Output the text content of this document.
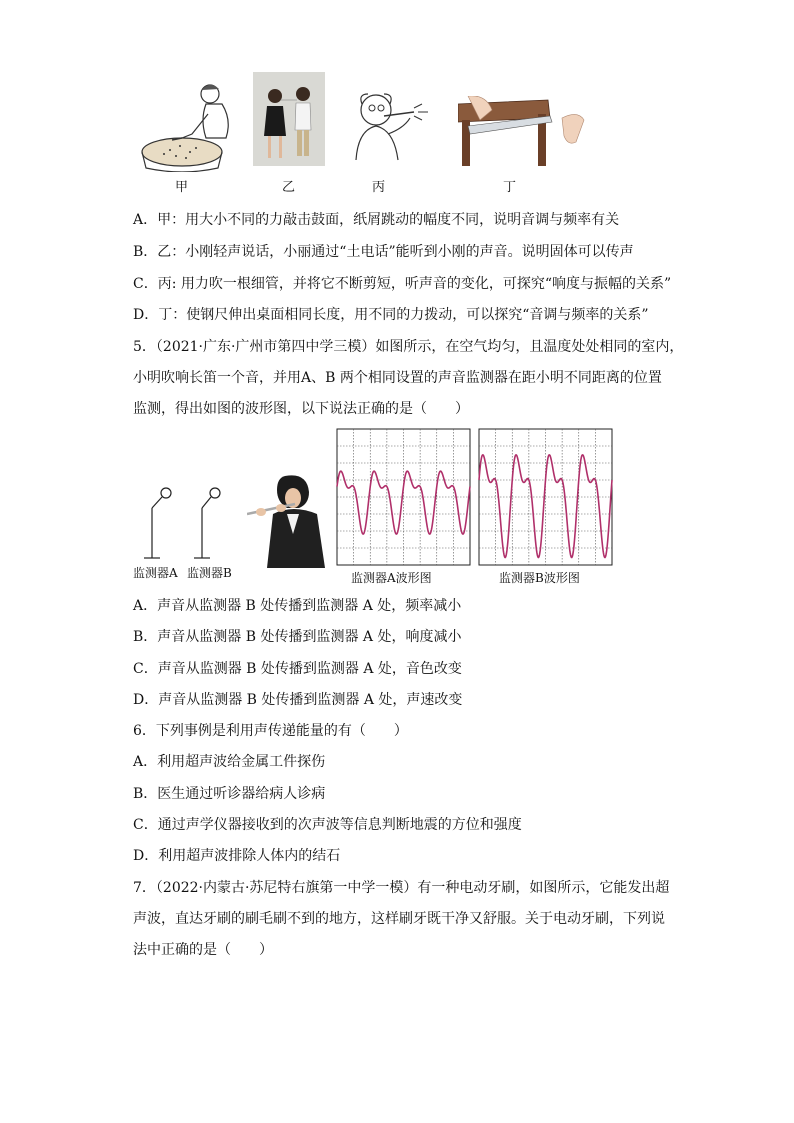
甲	乙	丙	丁
A．甲：用大小不同的力敲击鼓面，纸屑跳动的幅度不同，说明音调与频率有关
B．乙：小刚轻声说话，小丽通过“土电话”能听到小刚的声音。说明固体可以传声
C．丙: 用力吹一根细管，并将它不断剪短，听声音的变化，可探究“响度与振幅的关系”
D．丁：使钢尺伸出桌面相同长度，用不同的力拨动，可以探究“音调与频率的关系”
5．（2021·广东·广州市第四中学三模）如图所示，在空气均匀，且温度处处相同的室内，
小明吹响长笛一个音，并用A、B 两个相同设置的声音监测器在距小明不同距离的位置
监测，得出如图的波形图，以下说法正确的是（　　）
监测器A 监测器B	监测器A波形图	监测器B波形图
A．声音从监测器 B 处传播到监测器 A 处，频率减小
B．声音从监测器 B 处传播到监测器 A 处，响度减小
C．声音从监测器 B 处传播到监测器 A 处，音色改变
D．声音从监测器 B 处传播到监测器 A 处，声速改变
6．下列事例是利用声传递能量的有（　　）
A．利用超声波给金属工件探伤
B．医生通过听诊器给病人诊病
C．通过声学仪器接收到的次声波等信息判断地震的方位和强度
D．利用超声波排除人体内的结石
7．（2022·内蒙古·苏尼特右旗第一中学一模）有一种电动牙刷，如图所示，它能发出超
声波，直达牙刷的刷毛刷不到的地方，这样刷牙既干净又舒服。关于电动牙刷，下列说
法中正确的是（　　）
